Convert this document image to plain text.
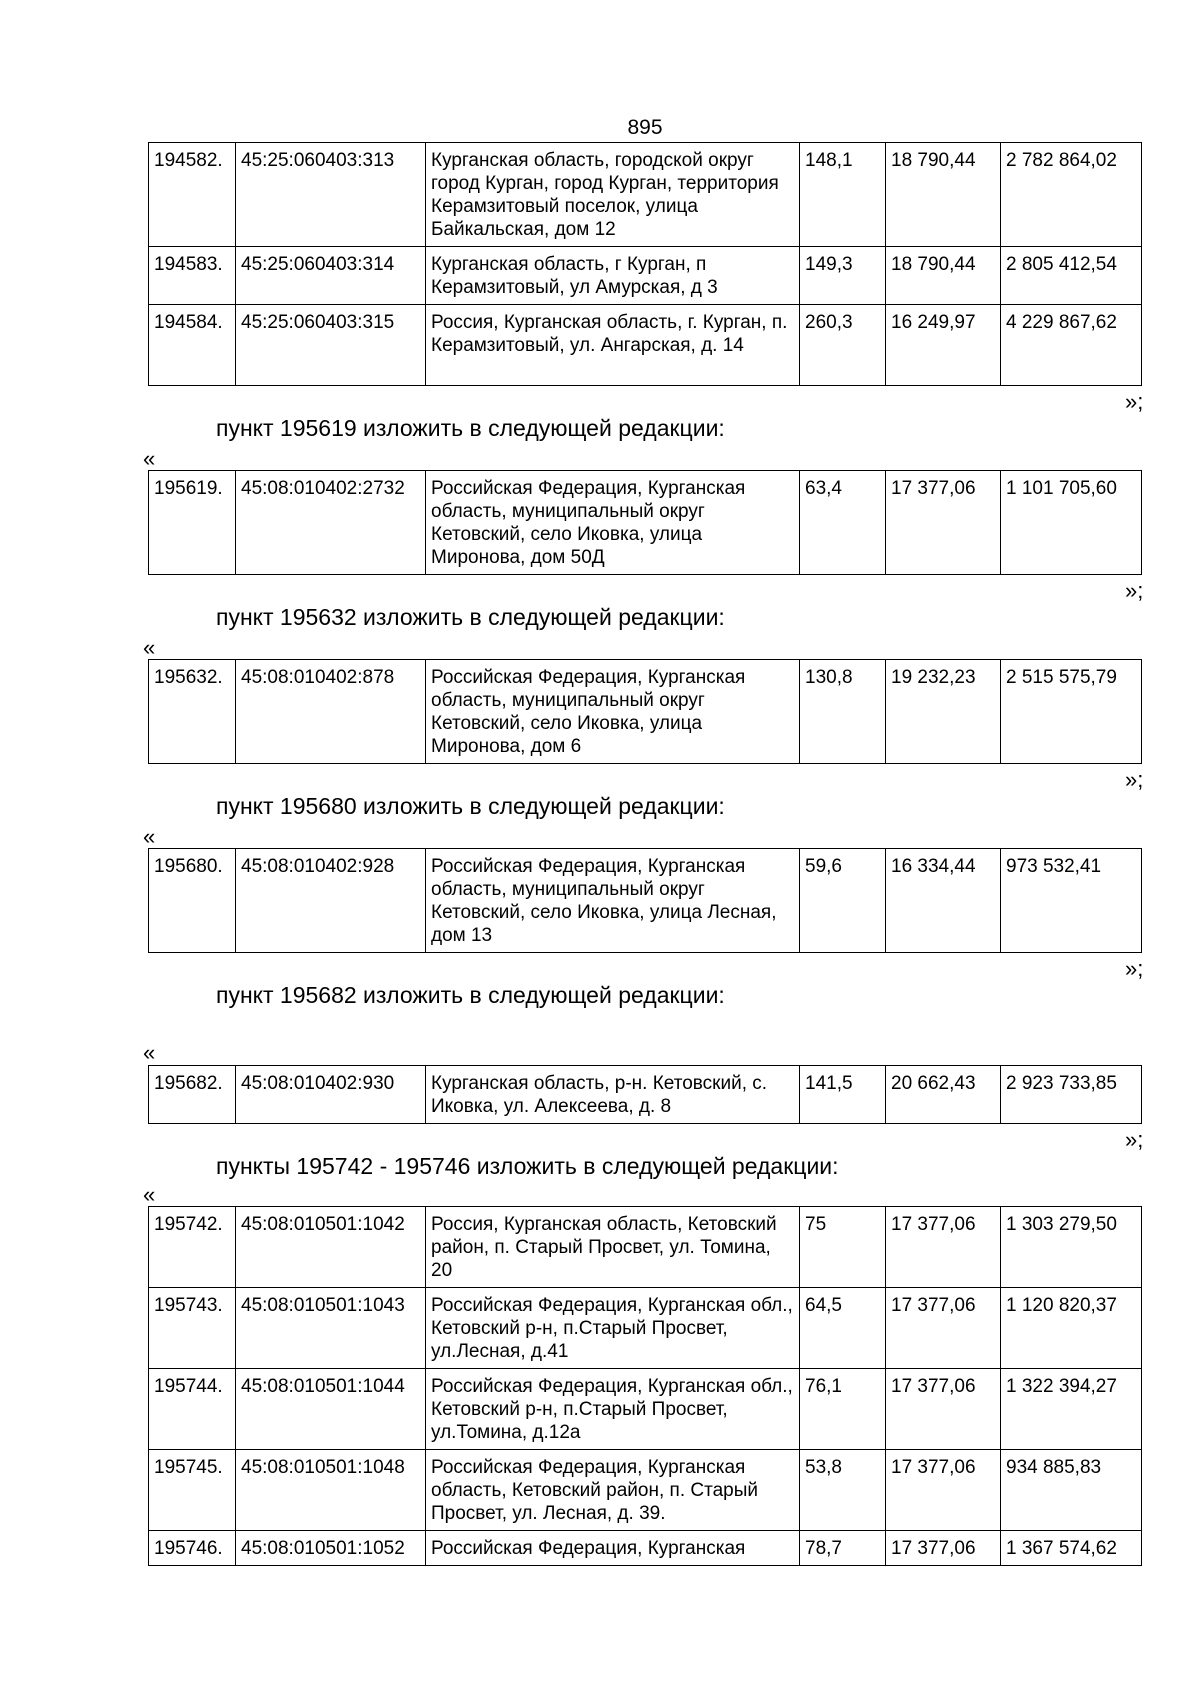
895
194582.	45:25:060403:313	Курганская область, городской округ город Курган, город Курган, территория Керамзитовый поселок, улица Байкальская, дом 12	148,1	18 790,44	2 782 864,02
194583.	45:25:060403:314	Курганская область, г Курган, п Керамзитовый, ул Амурская, д 3	149,3	18 790,44	2 805 412,54
194584.	45:25:060403:315	Россия, Курганская область, г. Курган, п. Керамзитовый, ул. Ангарская, д. 14	260,3	16 249,97	4 229 867,62
»;
пункт 195619 изложить в следующей редакции:
«
195619.	45:08:010402:2732	Российская Федерация, Курганская область, муниципальный округ Кетовский, село Иковка, улица Миронова, дом 50Д	63,4	17 377,06	1 101 705,60
»;
пункт 195632 изложить в следующей редакции:
«
195632.	45:08:010402:878	Российская Федерация, Курганская область, муниципальный округ Кетовский, село Иковка, улица Миронова, дом 6	130,8	19 232,23	2 515 575,79
»;
пункт 195680 изложить в следующей редакции:
«
195680.	45:08:010402:928	Российская Федерация, Курганская область, муниципальный округ Кетовский, село Иковка, улица Лесная, дом 13	59,6	16 334,44	973 532,41
»;
пункт 195682 изложить в следующей редакции:
«
195682.	45:08:010402:930	Курганская область, р-н. Кетовский, с. Иковка, ул. Алексеева, д. 8	141,5	20 662,43	2 923 733,85
»;
пункты 195742 - 195746 изложить в следующей редакции:
«
195742.	45:08:010501:1042	Россия, Курганская область, Кетовский район, п. Старый Просвет, ул. Томина, 20	75	17 377,06	1 303 279,50
195743.	45:08:010501:1043	Российская Федерация, Курганская обл., Кетовский р-н, п.Старый Просвет, ул.Лесная, д.41	64,5	17 377,06	1 120 820,37
195744.	45:08:010501:1044	Российская Федерация, Курганская обл., Кетовский р-н, п.Старый Просвет, ул.Томина, д.12а	76,1	17 377,06	1 322 394,27
195745.	45:08:010501:1048	Российская Федерация, Курганская область, Кетовский район, п. Старый Просвет, ул. Лесная, д. 39.	53,8	17 377,06	934 885,83
195746.	45:08:010501:1052	Российская Федерация, Курганская	78,7	17 377,06	1 367 574,62
